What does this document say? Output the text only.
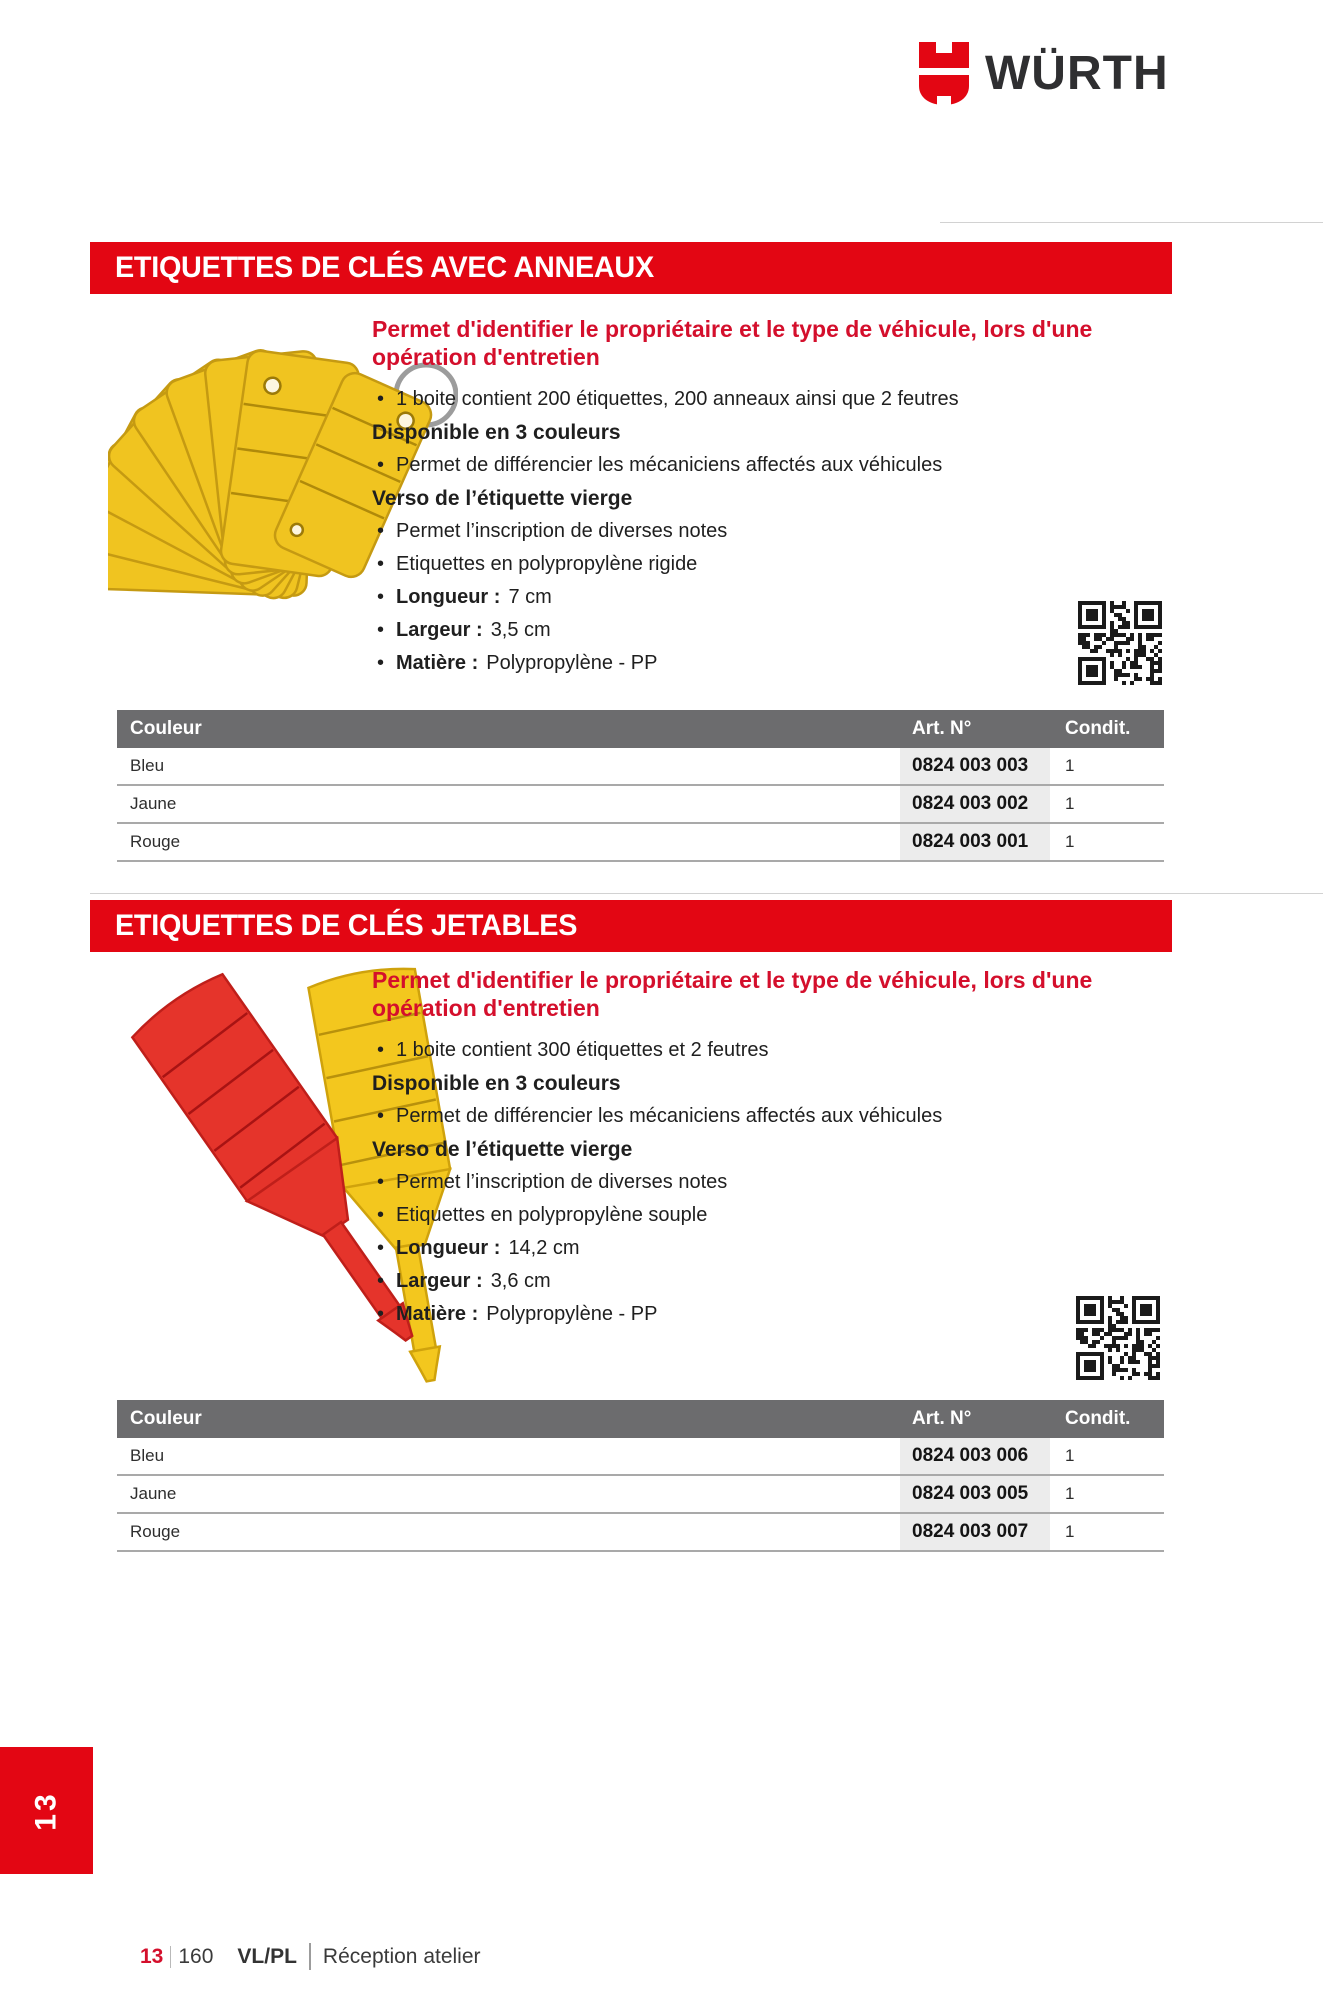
WÜRTH
ETIQUETTES DE CLÉS AVEC ANNEAUX
Permet d'identifier le propriétaire et le type de véhicule, lors d'une opération d'entretien
• 1 boite contient 200 étiquettes, 200 anneaux ainsi que 2 feutres
Disponible en 3 couleurs
• Permet de différencier les mécaniciens affectés aux véhicules
Verso de l’étiquette vierge
• Permet l’inscription de diverses notes
• Etiquettes en polypropylène rigide
• Longueur : 7 cm
• Largeur : 3,5 cm
• Matière : Polypropylène - PP
Couleur	Art. N°	Condit.
Bleu	0824 003 003	1
Jaune	0824 003 002	1
Rouge	0824 003 001	1
ETIQUETTES DE CLÉS JETABLES
Permet d'identifier le propriétaire et le type de véhicule, lors d'une opération d'entretien
• 1 boite contient 300 étiquettes et 2 feutres
Disponible en 3 couleurs
• Permet de différencier les mécaniciens affectés aux véhicules
Verso de l’étiquette vierge
• Permet l’inscription de diverses notes
• Etiquettes en polypropylène souple
• Longueur : 14,2 cm
• Largeur : 3,6 cm
• Matière : Polypropylène - PP
Couleur	Art. N°	Condit.
Bleu	0824 003 006	1
Jaune	0824 003 005	1
Rouge	0824 003 007	1
13
13 160 VL/PL Réception atelier
